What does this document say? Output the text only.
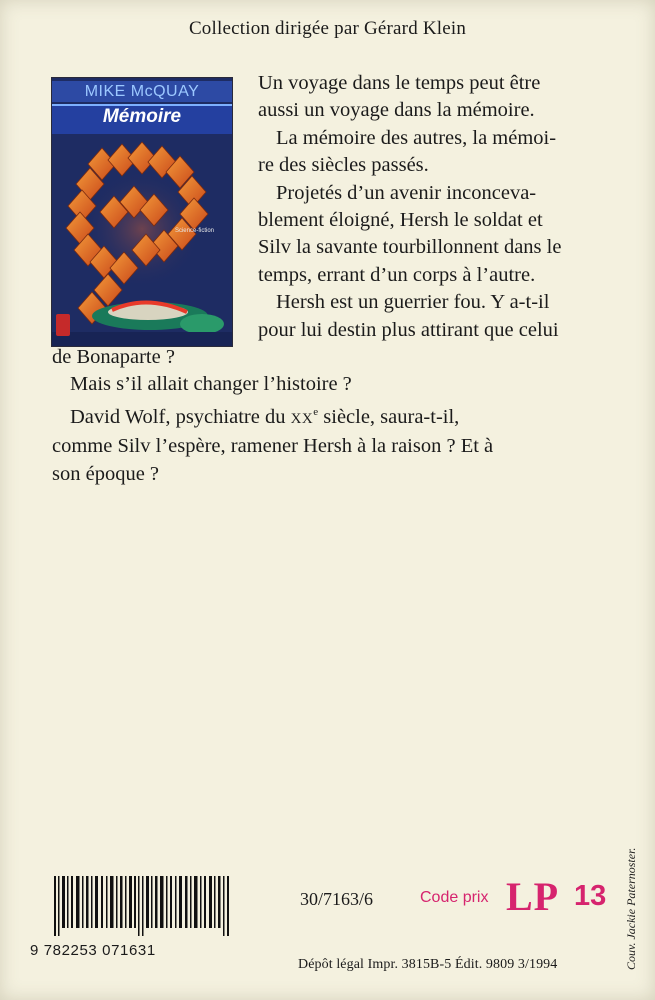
Collection dirigée par Gérard Klein
MIKE McQUAY
Mémoire
Science-fiction

Un voyage dans le temps peut être
aussi un voyage dans la mémoire.

La mémoire des autres, la mémoi-
re des siècles passés.

Projetés d’un avenir inconceva-
blement éloigné, Hersh le soldat et
Silv la savante tourbillonnent dans le
temps, errant d’un corps à l’autre.

Hersh est un guerrier fou. Y a-t-il
pour lui destin plus attirant que celui
de Bonaparte ?

Mais s’il allait changer l’histoire ?

David Wolf, psychiatre du XXe siècle, saura-t-il,
comme Silv l’espère, ramener Hersh à la raison ? Et à
son époque ?

9 782253 071631
30/7163/6	Code prix LP 13
Dépôt légal Impr. 3815B-5 Édit. 9809 3/1994	Couv. Jackie Paternoster.
